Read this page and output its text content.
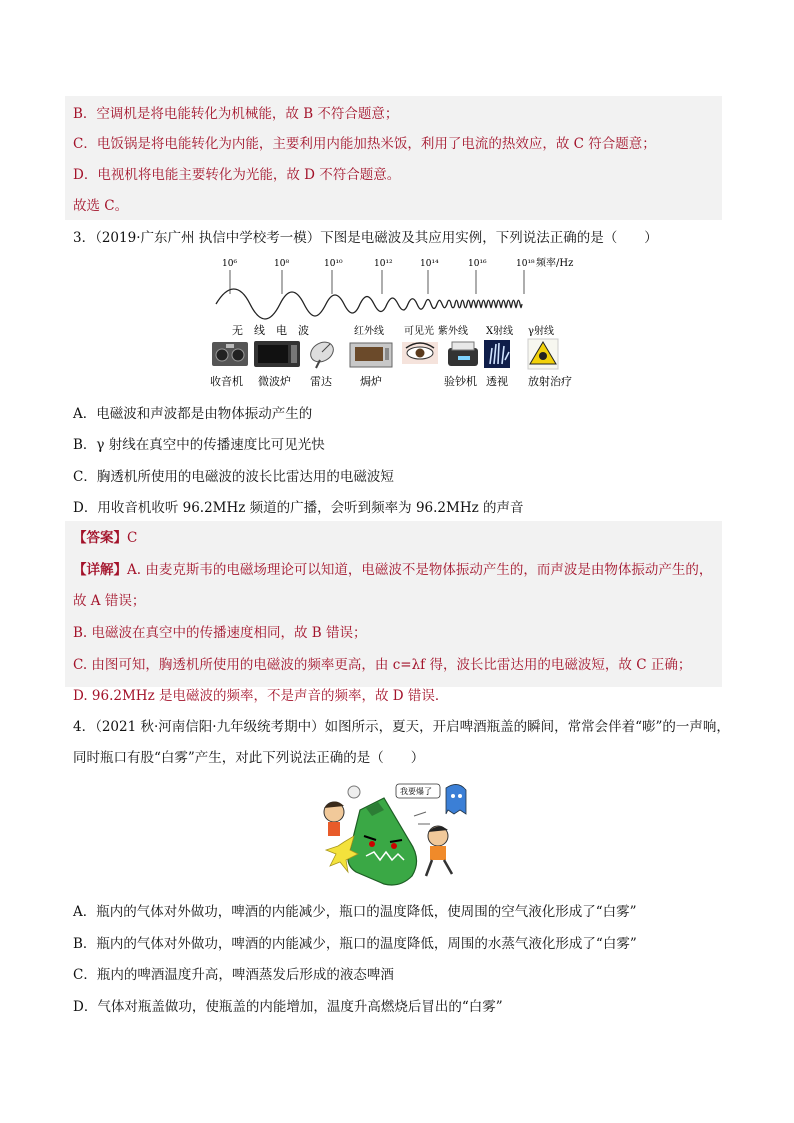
B．空调机是将电能转化为机械能，故 B 不符合题意；
C．电饭锅是将电能转化为内能，主要利用内能加热米饭，利用了电流的热效应，故 C 符合题意；
D．电视机将电能主要转化为光能，故 D 不符合题意。
故选 C。
3．（2019·广东广州 执信中学校考一模）下图是电磁波及其应用实例，下列说法正确的是（　　）
10⁶	10⁸	10¹⁰	10¹²	10¹⁴	10¹⁶	10¹⁸ 频率/Hz
无　线　电　波	红外线 可见光 紫外线 X射线 γ射线
收音机 微波炉 雷达	焗炉	验钞机 透视 放射治疗
A．电磁波和声波都是由物体振动产生的
B．γ 射线在真空中的传播速度比可见光快
C．胸透机所使用的电磁波的波长比雷达用的电磁波短
D．用收音机收听 96.2MHz 频道的广播，会听到频率为 96.2MHz 的声音
【答案】C
【详解】A. 由麦克斯韦的电磁场理论可以知道，电磁波不是物体振动产生的，而声波是由物体振动产生的，
故 A 错误；
B. 电磁波在真空中的传播速度相同，故 B 错误；
C. 由图可知，胸透机所使用的电磁波的频率更高，由 c=λf 得，波长比雷达用的电磁波短，故 C 正确；
D. 96.2MHz 是电磁波的频率，不是声音的频率，故 D 错误．
4．（2021 秋·河南信阳·九年级统考期中）如图所示，夏天，开启啤酒瓶盖的瞬间，常常会伴着“嘭”的一声响，
同时瓶口有股“白雾”产生，对此下列说法正确的是（　　）
我要爆了
A．瓶内的气体对外做功，啤酒的内能减少，瓶口的温度降低，使周围的空气液化形成了“白雾”
B．瓶内的气体对外做功，啤酒的内能减少，瓶口的温度降低，周围的水蒸气液化形成了“白雾”
C．瓶内的啤酒温度升高，啤酒蒸发后形成的液态啤酒
D．气体对瓶盖做功，使瓶盖的内能增加，温度升高燃烧后冒出的“白雾”
